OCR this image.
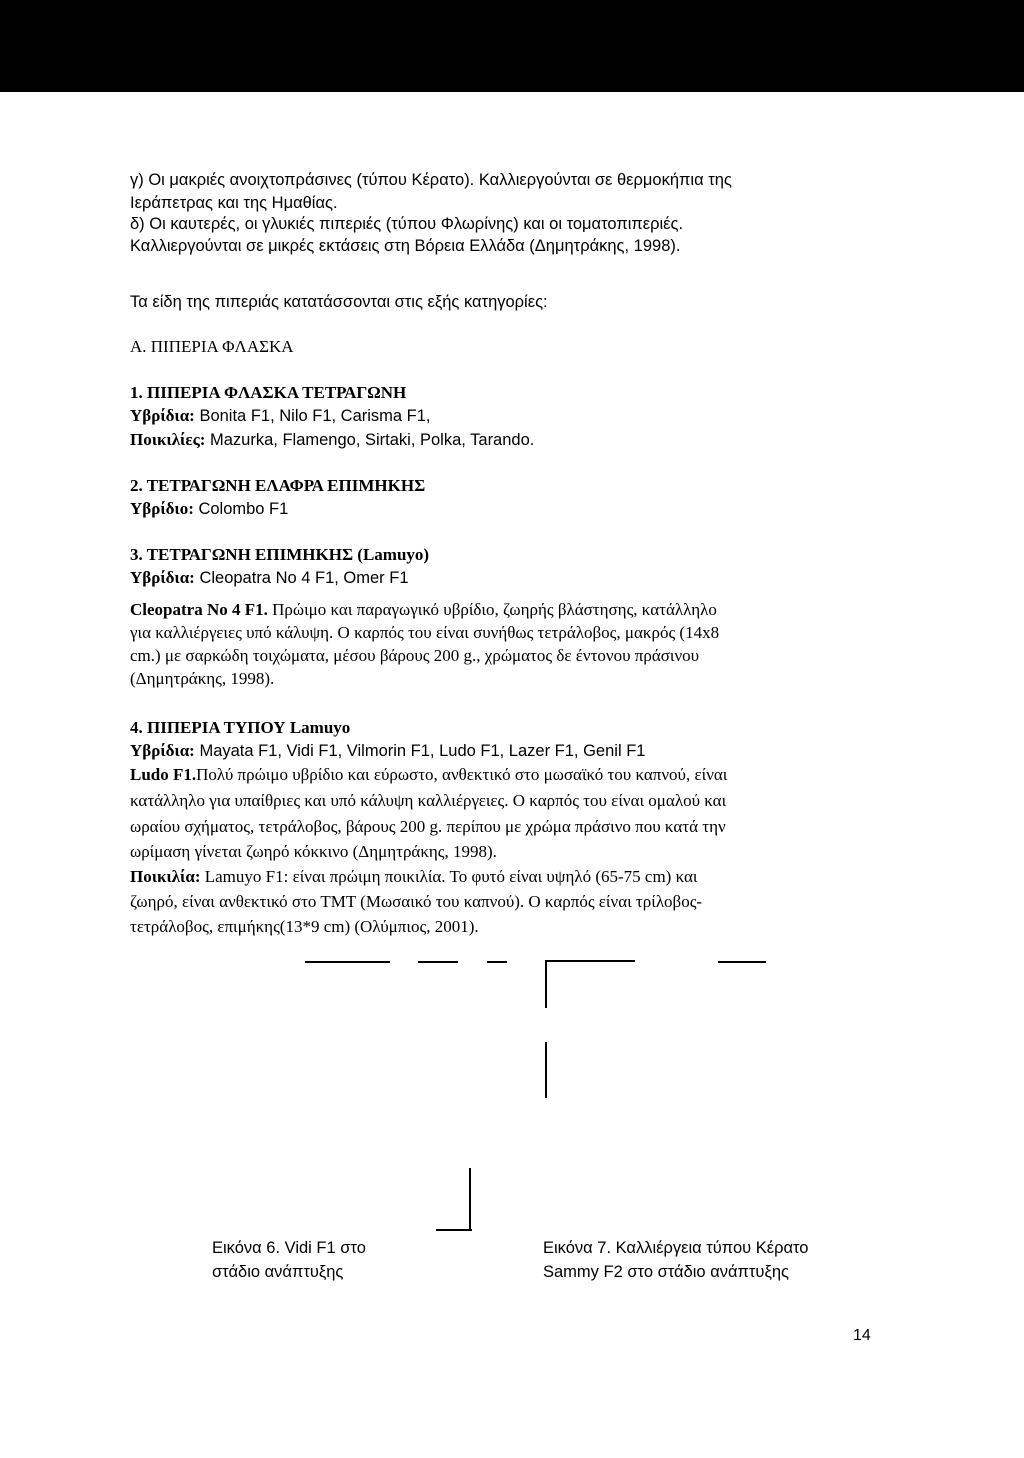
γ) Οι μακριές ανοιχτοπράσινες (τύπου Κέρατο). Καλλιεργούνται σε θερμοκήπια της
Ιεράπετρας και της Ημαθίας.
δ) Οι καυτερές, οι γλυκιές πιπεριές (τύπου Φλωρίνης) και οι τοματοπιπεριές.
Καλλιεργούνται σε μικρές εκτάσεις στη Βόρεια Ελλάδα (Δημητράκης, 1998).
Τα είδη της πιπεριάς κατατάσσονται στις εξής κατηγορίες:
Α. ΠΙΠΕΡΙΑ ΦΛΑΣΚΑ
1. ΠΙΠΕΡΙΑ ΦΛΑΣΚΑ ΤΕΤΡΑΓΩΝΗ
Υβρίδια: Bonita F1, Nilo F1, Carisma F1,
Ποικιλίες: Mazurka, Flamengo, Sirtaki, Polka, Tarando.
2. ΤΕΤΡΑΓΩΝΗ ΕΛΑΦΡΑ ΕΠΙΜΗΚΗΣ
Υβρίδιο: Colombo F1
3. ΤΕΤΡΑΓΩΝΗ ΕΠΙΜΗΚΗΣ (Lamuyo)
Υβρίδια: Cleopatra No 4 F1, Omer F1
Cleopatra No 4 F1. Πρώιμο και παραγωγικό υβρίδιο, ζωηρής βλάστησης, κατάλληλο
για καλλιέργειες υπό κάλυψη. Ο καρπός του είναι συνήθως τετράλοβος, μακρός (14x8
cm.) με σαρκώδη τοιχώματα, μέσου βάρους 200 g., χρώματος δε έντονου πράσινου
(Δημητράκης, 1998).
4. ΠΙΠΕΡΙΑ ΤΥΠΟΥ Lamuyo
Υβρίδια: Mayata F1, Vidi F1, Vilmorin F1, Ludo F1, Lazer F1, Genil F1
Ludo F1.Πολύ πρώιμο υβρίδιο και εύρωστο, ανθεκτικό στο μωσαϊκό του καπνού, είναι
κατάλληλο για υπαίθριες και υπό κάλυψη καλλιέργειες. Ο καρπός του είναι ομαλού και
ωραίου σχήματος, τετράλοβος, βάρους 200 g. περίπου με χρώμα πράσινο που κατά την
ωρίμαση γίνεται ζωηρό κόκκινο (Δημητράκης, 1998).
Ποικιλία: Lamuyo F1: είναι πρώιμη ποικιλία. Το φυτό είναι υψηλό (65-75 cm) και
ζωηρό, είναι ανθεκτικό στο ΤΜΤ (Μωσαικό του καπνού). Ο καρπός είναι τρίλοβος-
τετράλοβος, επιμήκης(13*9 cm) (Ολύμπιος, 2001).
Εικόνα 6. Vidi F1 στο
στάδιο ανάπτυξης
Εικόνα 7. Καλλιέργεια τύπου Κέρατο
Sammy F2 στο στάδιο ανάπτυξης
14
